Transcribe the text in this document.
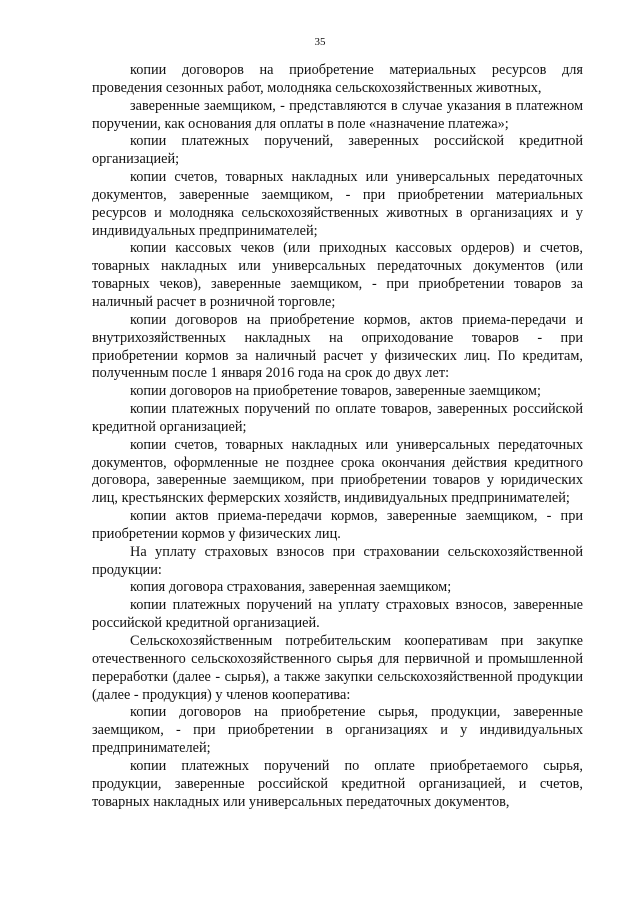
35

копии договоров на приобретение материальных ресурсов для проведения сезонных работ, молодняка сельскохозяйственных животных,

заверенные заемщиком, - представляются в случае указания в платежном поручении, как основания для оплаты в поле «назначение платежа»;

копии платежных поручений, заверенных российской кредитной организацией;

копии счетов, товарных накладных или универсальных передаточных документов, заверенные заемщиком, - при приобретении материальных ресурсов и молодняка сельскохозяйственных животных в организациях и у индивидуальных предпринимателей;

копии кассовых чеков (или приходных кассовых ордеров) и счетов, товарных накладных или универсальных передаточных документов (или товарных чеков), заверенные заемщиком, - при приобретении товаров за наличный расчет в розничной торговле;

копии договоров на приобретение кормов, актов приема-передачи и внутрихозяйственных накладных на оприходование товаров - при приобретении кормов за наличный расчет у физических лиц. По кредитам, полученным после 1 января 2016 года на срок до двух лет:

копии договоров на приобретение товаров, заверенные заемщиком;

копии платежных поручений по оплате товаров, заверенных российской кредитной организацией;

копии счетов, товарных накладных или универсальных передаточных документов, оформленные не позднее срока окончания действия кредитного договора, заверенные заемщиком, при приобретении товаров у юридических лиц, крестьянских фермерских хозяйств, индивидуальных предпринимателей;

копии актов приема-передачи кормов, заверенные заемщиком, - при приобретении кормов у физических лиц.

На уплату страховых взносов при страховании сельскохозяйственной продукции:

копия договора страхования, заверенная заемщиком;

копии платежных поручений на уплату страховых взносов, заверенные российской кредитной организацией.

Сельскохозяйственным потребительским кооперативам при закупке отечественного сельскохозяйственного сырья для первичной и промышленной переработки (далее - сырья), а также закупки сельскохозяйственной продукции (далее - продукция) у членов кооператива:

копии договоров на приобретение сырья, продукции, заверенные заемщиком, - при приобретении в организациях и у индивидуальных предпринимателей;

копии платежных поручений по оплате приобретаемого сырья, продукции, заверенные российской кредитной организацией, и счетов, товарных накладных или универсальных передаточных документов,
